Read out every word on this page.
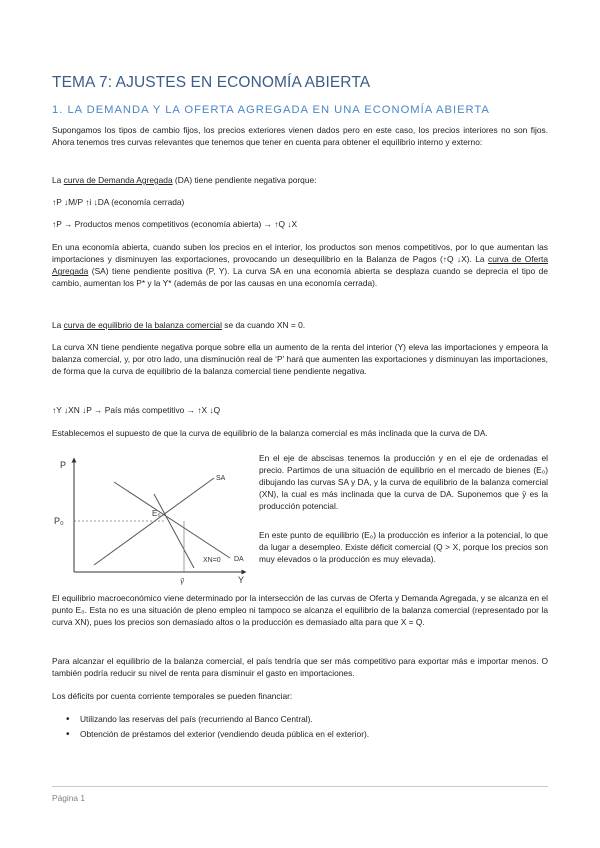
TEMA 7: AJUSTES EN ECONOMÍA ABIERTA
1. LA DEMANDA Y LA OFERTA AGREGADA EN UNA ECONOMÍA ABIERTA

Supongamos los tipos de cambio fijos, los precios exteriores vienen dados pero en este caso, los precios interiores no son fijos. Ahora tenemos tres curvas relevantes que tenemos que tener en cuenta para obtener el equilibrio interno y externo:

La curva de Demanda Agregada (DA) tiene pendiente negativa porque:

↑P ↓M/P ↑i ↓DA (economía cerrada)

↑P → Productos menos competitivos (economía abierta) → ↑Q ↓X

En una economía abierta, cuando suben los precios en el interior, los productos son menos competitivos, por lo que aumentan las importaciones y disminuyen las exportaciones, provocando un desequilibrio en la Balanza de Pagos (↑Q ↓X). La curva de Oferta Agregada (SA) tiene pendiente positiva (P, Y). La curva SA en una economía abierta se desplaza cuando se deprecia el tipo de cambio, aumentan los P* y la Y* (además de por las causas en una economía cerrada).

La curva de equilibrio de la balanza comercial se da cuando XN = 0.

La curva XN tiene pendiente negativa porque sobre ella un aumento de la renta del interior (Y) eleva las importaciones y empeora la balanza comercial, y, por otro lado, una disminución real de ‘P’ hará que aumenten las exportaciones y disminuyan las importaciones, de forma que la curva de equilibrio de la balanza comercial tiene pendiente negativa.

↑Y ↓XN ↓P → País más competitivo → ↑X ↓Q

Establecemos el supuesto de que la curva de equilibrio de la balanza comercial es más inclinada que la curva de DA.

P
Y
SA
DA
XN=0
E₀
P₀
ȳ

En el eje de abscisas tenemos la producción y en el eje de ordenadas el precio. Partimos de una situación de equilibrio en el mercado de bienes (E₀) dibujando las curvas SA y DA, y la curva de equilibrio de la balanza comercial (XN), la cual es más inclinada que la curva de DA. Suponemos que ȳ es la producción potencial.

En este punto de equilibrio (E₀) la producción es inferior a la potencial, lo que da lugar a desempleo. Existe déficit comercial (Q > X, porque los precios son muy elevados o la producción es muy elevada).

El equilibrio macroeconómico viene determinado por la intersección de las curvas de Oferta y Demanda Agregada, y se alcanza en el punto E₀. Esta no es una situación de pleno empleo ni tampoco se alcanza el equilibrio de la balanza comercial (representado por la curva XN), pues los precios son demasiado altos o la producción es demasiado alta para que X = Q.

Para alcanzar el equilibrio de la balanza comercial, el país tendría que ser más competitivo para exportar más e importar menos. O también podría reducir su nivel de renta para disminuir el gasto en importaciones.

Los déficits por cuenta corriente temporales se pueden financiar:

• Utilizando las reservas del país (recurriendo al Banco Central).
• Obtención de préstamos del exterior (vendiendo deuda pública en el exterior).
Página 1
